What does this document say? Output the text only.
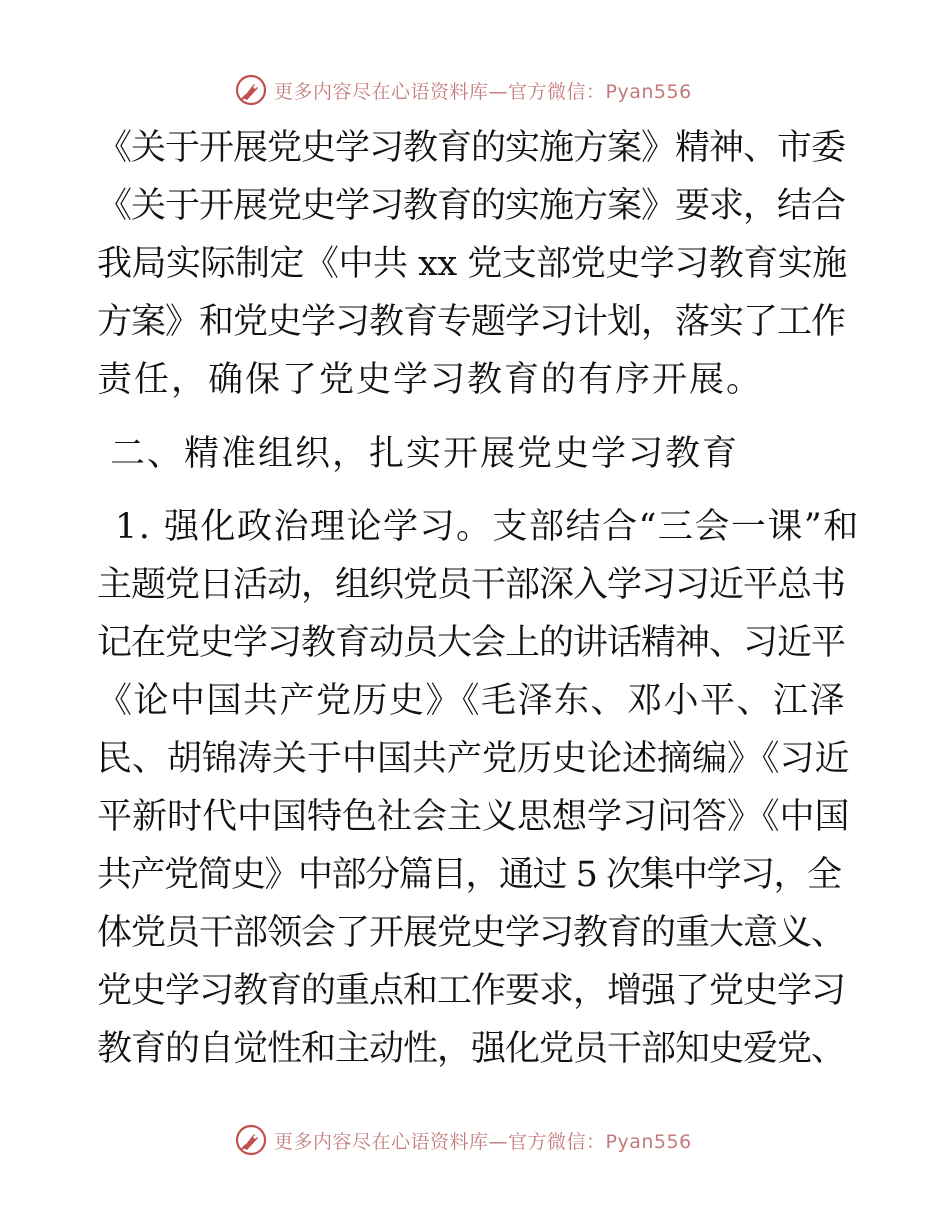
更多内容尽在心语资料库—官方微信：Pyan556
《关于开展党史学习教育的实施方案》精神、市委
《关于开展党史学习教育的实施方案》要求，结合
我局实际制定《中共 xx 党支部党史学习教育实施
方案》和党史学习教育专题学习计划，落实了工作
责任，确保了党史学习教育的有序开展。
二、精准组织，扎实开展党史学习教育
1. 强化政治理论学习。支部结合“三会一课”和
主题党日活动，组织党员干部深入学习习近平总书
记在党史学习教育动员大会上的讲话精神、习近平
《论中国共产党历史》《毛泽东、邓小平、江泽
民、胡锦涛关于中国共产党历史论述摘编》《习近
平新时代中国特色社会主义思想学习问答》《中国
共产党简史》中部分篇目，通过 5 次集中学习，全
体党员干部领会了开展党史学习教育的重大意义、
党史学习教育的重点和工作要求，增强了党史学习
教育的自觉性和主动性，强化党员干部知史爱党、
更多内容尽在心语资料库—官方微信：Pyan556
